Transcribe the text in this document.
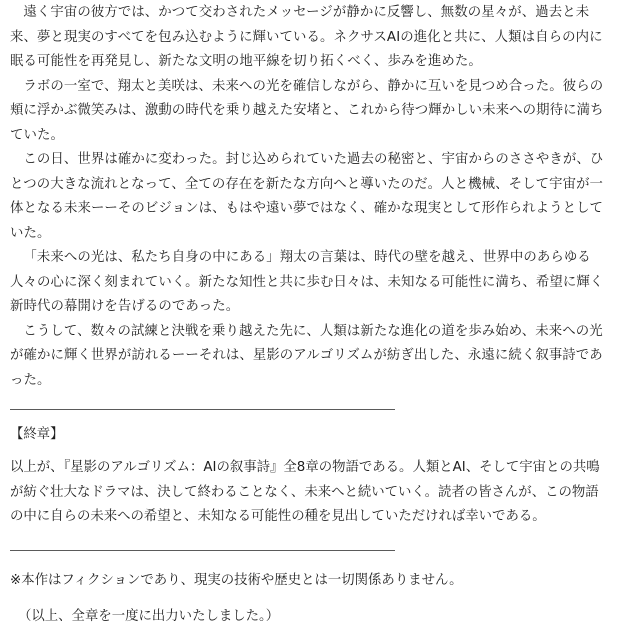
遠く宇宙の彼方では、かつて交わされたメッセージが静かに反響し、無数の星々が、過去と未来、夢と現実のすべてを包み込むように輝いている。ネクサスAIの進化と共に、人類は自らの内に眠る可能性を再発見し、新たな文明の地平線を切り拓くべく、歩みを進めた。

ラボの一室で、翔太と美咲は、未来への光を確信しながら、静かに互いを見つめ合った。彼らの頬に浮かぶ微笑みは、激動の時代を乗り越えた安堵と、これから待つ輝かしい未来への期待に満ちていた。

この日、世界は確かに変わった。封じ込められていた過去の秘密と、宇宙からのささやきが、ひとつの大きな流れとなって、全ての存在を新たな方向へと導いたのだ。人と機械、そして宇宙が一体となる未来ーーそのビジョンは、もはや遠い夢ではなく、確かな現実として形作られようとしていた。

「未来への光は、私たち自身の中にある」翔太の言葉は、時代の壁を越え、世界中のあらゆる人々の心に深く刻まれていく。新たな知性と共に歩む日々は、未知なる可能性に満ち、希望に輝く新時代の幕開けを告げるのであった。

こうして、数々の試練と決戦を乗り越えた先に、人類は新たな進化の道を歩み始め、未来への光が確かに輝く世界が訪れるーーそれは、星影のアルゴリズムが紡ぎ出した、永遠に続く叙事詩であった。

【終章】

以上が、『星影のアルゴリズム：AIの叙事詩』全8章の物語である。人類とAI、そして宇宙との共鳴が紡ぐ壮大なドラマは、決して終わることなく、未来へと続いていく。読者の皆さんが、この物語の中に自らの未来への希望と、未知なる可能性の種を見出していただければ幸いである。

※本作はフィクションであり、現実の技術や歴史とは一切関係ありません。

（以上、全章を一度に出力いたしました。）
